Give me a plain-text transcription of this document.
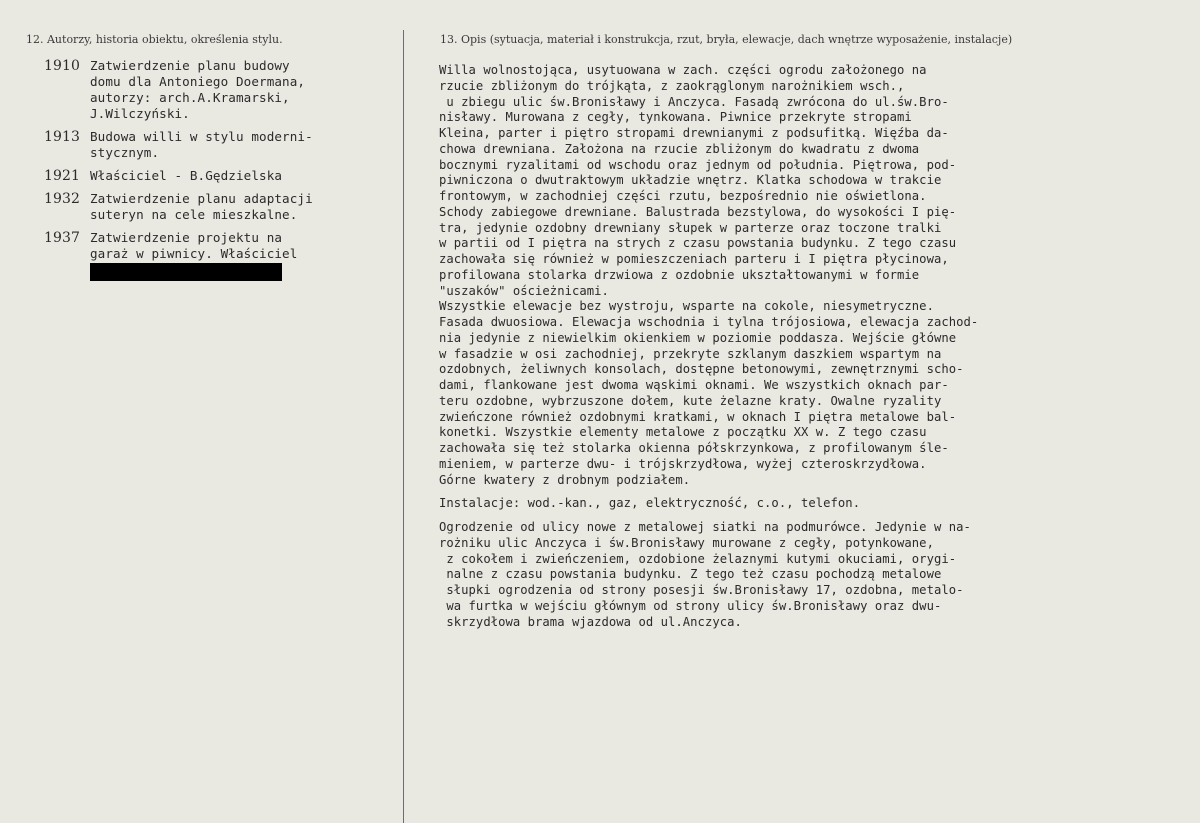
12. Autorzy, historia obiektu, określenia stylu.	13. Opis (sytuacja, materiał i konstrukcja, rzut, bryła, elewacje, dach wnętrze wyposażenie, instalacje)
1910 Zatwierdzenie planu budowy
domu dla Antoniego Doermana,
autorzy: arch.A.Kramarski,
J.Wilczyński.
1913 Budowa willi w stylu moderni-
stycznym.
1921 Właściciel - B.Gędzielska
1932 Zatwierdzenie planu adaptacji
suteryn na cele mieszkalne.
1937 Zatwierdzenie projektu na
garaż w piwnicy. Właściciel
Willa wolnostojąca, usytuowana w zach. części ogrodu założonego na
rzucie zbliżonym do trójkąta, z zaokrąglonym narożnikiem wsch.,
u zbiegu ulic św.Bronisławy i Anczyca. Fasadą zwrócona do ul.św.Bro-
nisławy. Murowana z cegły, tynkowana. Piwnice przekryte stropami
Kleina, parter i piętro stropami drewnianymi z podsufitką. Więźba da-
chowa drewniana. Założona na rzucie zbliżonym do kwadratu z dwoma
bocznymi ryzalitami od wschodu oraz jednym od południa. Piętrowa, pod-
piwniczona o dwutraktowym układzie wnętrz. Klatka schodowa w trakcie
frontowym, w zachodniej części rzutu, bezpośrednio nie oświetlona.
Schody zabiegowe drewniane. Balustrada bezstylowa, do wysokości I pię-
tra, jedynie ozdobny drewniany słupek w parterze oraz toczone tralki
w partii od I piętra na strych z czasu powstania budynku. Z tego czasu
zachowała się również w pomieszczeniach parteru i I piętra płycinowa,
profilowana stolarka drzwiowa z ozdobnie ukształtowanymi w formie
"uszaków" ościeżnicami.
Wszystkie elewacje bez wystroju, wsparte na cokole, niesymetryczne.
Fasada dwuosiowa. Elewacja wschodnia i tylna trójosiowa, elewacja zachod-
nia jedynie z niewielkim okienkiem w poziomie poddasza. Wejście główne
w fasadzie w osi zachodniej, przekryte szklanym daszkiem wspartym na
ozdobnych, żeliwnych konsolach, dostępne betonowymi, zewnętrznymi scho-
dami, flankowane jest dwoma wąskimi oknami. We wszystkich oknach par-
teru ozdobne, wybrzuszone dołem, kute żelazne kraty. Owalne ryzality
zwieńczone również ozdobnymi kratkami, w oknach I piętra metalowe bal-
konetki. Wszystkie elementy metalowe z początku XX w. Z tego czasu
zachowała się też stolarka okienna półskrzynkowa, z profilowanym śle-
mieniem, w parterze dwu- i trójskrzydłowa, wyżej czteroskrzydłowa.
Górne kwatery z drobnym podziałem.
Instalacje: wod.-kan., gaz, elektryczność, c.o., telefon.
Ogrodzenie od ulicy nowe z metalowej siatki na podmurówce. Jedynie w na-
rożniku ulic Anczyca i św.Bronisławy murowane z cegły, potynkowane,
z cokołem i zwieńczeniem, ozdobione żelaznymi kutymi okuciami, orygi-
nalne z czasu powstania budynku. Z tego też czasu pochodzą metalowe
słupki ogrodzenia od strony posesji św.Bronisławy 17, ozdobna, metalo-
wa furtka w wejściu głównym od strony ulicy św.Bronisławy oraz dwu-
skrzydłowa brama wjazdowa od ul.Anczyca.
